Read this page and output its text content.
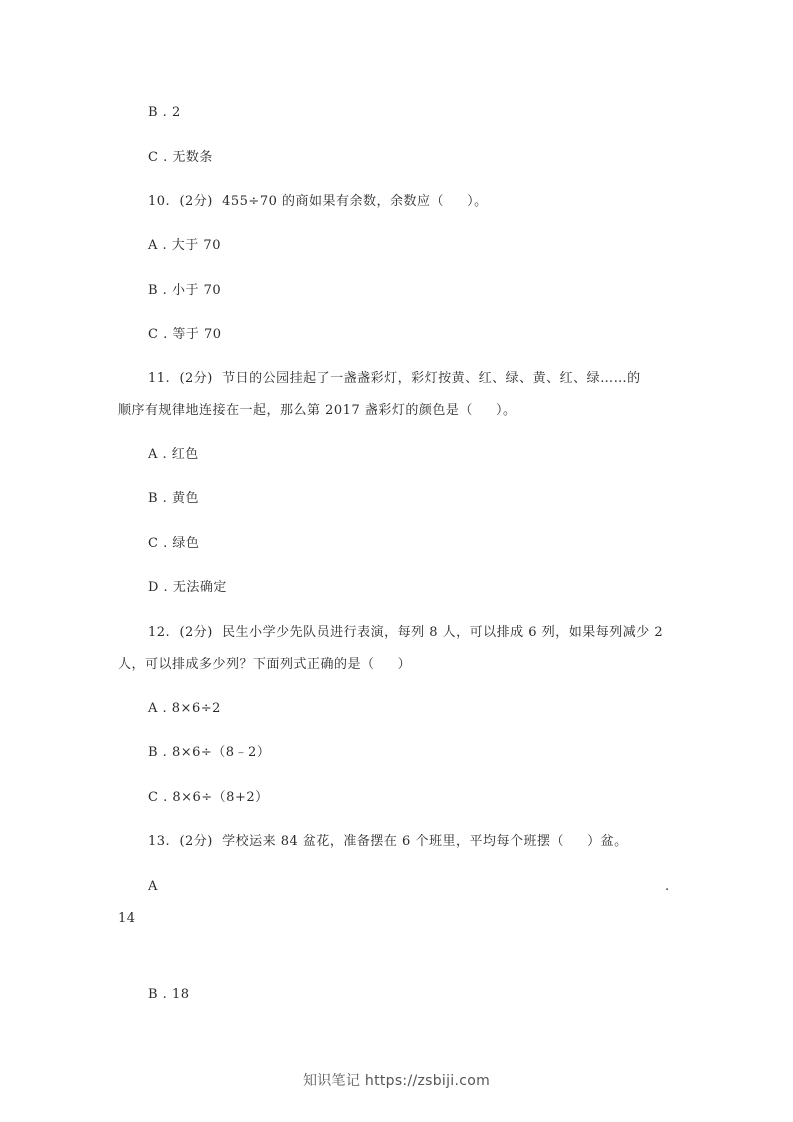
B . 2
C . 无数条
10.  (2分)  455÷70 的商如果有余数，余数应（     ）。
A . 大于 70
B . 小于 70
C . 等于 70
11.  (2分)  节日的公园挂起了一盏盏彩灯，彩灯按黄、红、绿、黄、红、绿……的
顺序有规律地连接在一起，那么第 2017 盏彩灯的颜色是（     ）。
A . 红色
B . 黄色
C . 绿色
D . 无法确定
12.  (2分)  民生小学少先队员进行表演，每列 8 人，可以排成 6 列，如果每列减少 2
人，可以排成多少列？下面列式正确的是（     ）
A . 8×6÷2
B . 8×6÷（8﹣2）
C . 8×6÷（8+2）
13.  (2分)  学校运来 84 盆花，准备摆在 6 个班里，平均每个班摆（     ）盆。
A	.
14
B . 18
知识笔记 https://zsbiji.com
